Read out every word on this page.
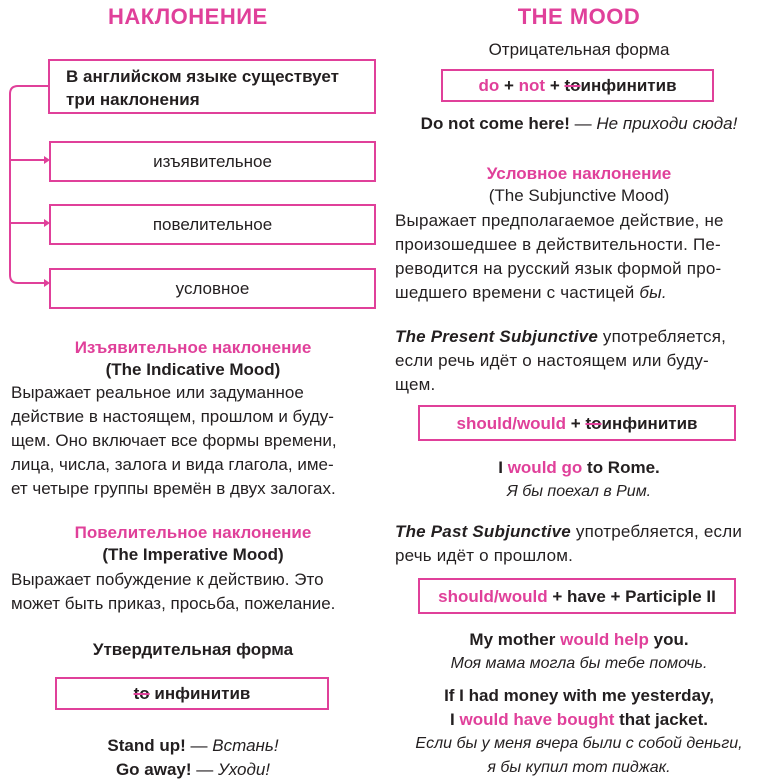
НАКЛОНЕНИЕ
В английском языке существует
три наклонения
изъявительное
повелительное
условное
Изъявительное наклонение
(The Indicative Mood)
Выражает реальное или задуманное
действие в настоящем, прошлом и буду-
щем. Оно включает все формы времени,
лица, числа, залога и вида глагола, име-
ет четыре группы времён в двух залогах.
Повелительное наклонение
(The Imperative Mood)
Выражает побуждение к действию. Это
может быть приказ, просьба, пожелание.
Утвердительная форма
to инфинитив
Stand up! — Встань!
Go away! — Уходи!
THE MOOD
Отрицательная форма
do + not + toинфинитив
Do not come here! — Не приходи сюда!
Условное наклонение
(The Subjunctive Mood)
Выражает предполагаемое действие, не
произошедшее в действительности. Пе-
реводится на русский язык формой про-
шедшего времени с частицей бы.
The Present Subjunctive употребляется,
если речь идёт о настоящем или буду-
щем.
should/would + toинфинитив
I would go to Rome.
Я бы поехал в Рим.
The Past Subjunctive употребляется, если
речь идёт о прошлом.
should/would + have + Participle II
My mother would help you.
Моя мама могла бы тебе помочь.
If I had money with me yesterday,
I would have bought that jacket.
Если бы у меня вчера были с собой деньги,
я бы купил тот пиджак.
